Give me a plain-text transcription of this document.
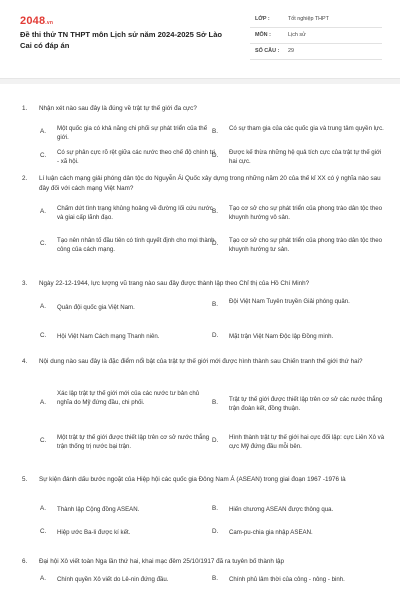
2048.vn
Đề thi thử TN THPT môn Lịch sử năm 2024-2025 Sở Lào Cai có đáp án
LỚP :	Tốt nghiệp THPT
MÔN :	Lịch sử
SỐ CÂU : 29
1. Nhận xét nào sau đây là đúng về trật tự thế giới đa cực?
A. Một quốc gia có khả năng chi phối sự phát triển của thế giới.
B. Có sự tham gia của các quốc gia và trung tâm quyền lực.
C. Có sự phân cực rõ rệt giữa các nước theo chế độ chính trị - xã hội.
D. Được kế thừa những hệ quả tích cực của trật tự thế giới hai cực.
2. Lí luận cách mạng giải phóng dân tộc do Nguyễn Ái Quốc xây dựng trong những năm 20 của thế kỉ XX có ý nghĩa nào sau đây đối với cách mạng Việt Nam?
A. Chấm dứt tình trạng khủng hoảng về đường lối cứu nước và giai cấp lãnh đạo.
B. Tạo cơ sở cho sự phát triển của phong trào dân tộc theo khuynh hướng vô sản.
C. Tạo nên nhân tố đầu tiên có tính quyết định cho mọi thành công của cách mạng.
D. Tạo cơ sở cho sự phát triển của phong trào dân tộc theo khuynh hướng tư sản.
3. Ngày 22-12-1944, lực lượng vũ trang nào sau đây được thành lập theo Chỉ thị của Hồ Chí Minh?
A. Quân đội quốc gia Việt Nam.	B. Đội Việt Nam Tuyên truyền Giải phóng quân.
C. Hội Việt Nam Cách mạng Thanh niên.	D. Mặt trận Việt Nam Độc lập Đồng minh.
4. Nội dung nào sau đây là đặc điểm nổi bật của trật tự thế giới mới được hình thành sau Chiến tranh thế giới thứ hai?
A.
Xác lập trật tự thế giới mới của các nước tư bản chủ nghĩa do Mỹ đứng đầu, chi phối.	B. Trật tự thế giới được thiết lập trên cơ sở các nước thắng trận đoàn kết, đồng thuận.
C. Một trật tự thế giới được thiết lập trên cơ sở nước thắng trận thống trị nước bại trận.
D. Hình thành trật tự thế giới hai cực đối lập: cực Liên Xô và cực Mỹ đứng đầu mỗi bên.
5. Sự kiện đánh dấu bước ngoặt của Hiệp hội các quốc gia Đông Nam Á (ASEAN) trong giai đoạn 1967 -1976 là
A. Thành lập Cộng đồng ASEAN.	B. Hiến chương ASEAN được thông qua.
C. Hiệp ước Ba-li được kí kết.	D. Cam-pu-chia gia nhập ASEAN.
6. Đại hội Xô viết toàn Nga lần thứ hai, khai mạc đêm 25/10/1917 đã ra tuyên bố thành lập
A. Chính quyền Xô viết do Lê-nin đứng đầu.	B. Chính phủ lâm thời của công - nông - binh.
